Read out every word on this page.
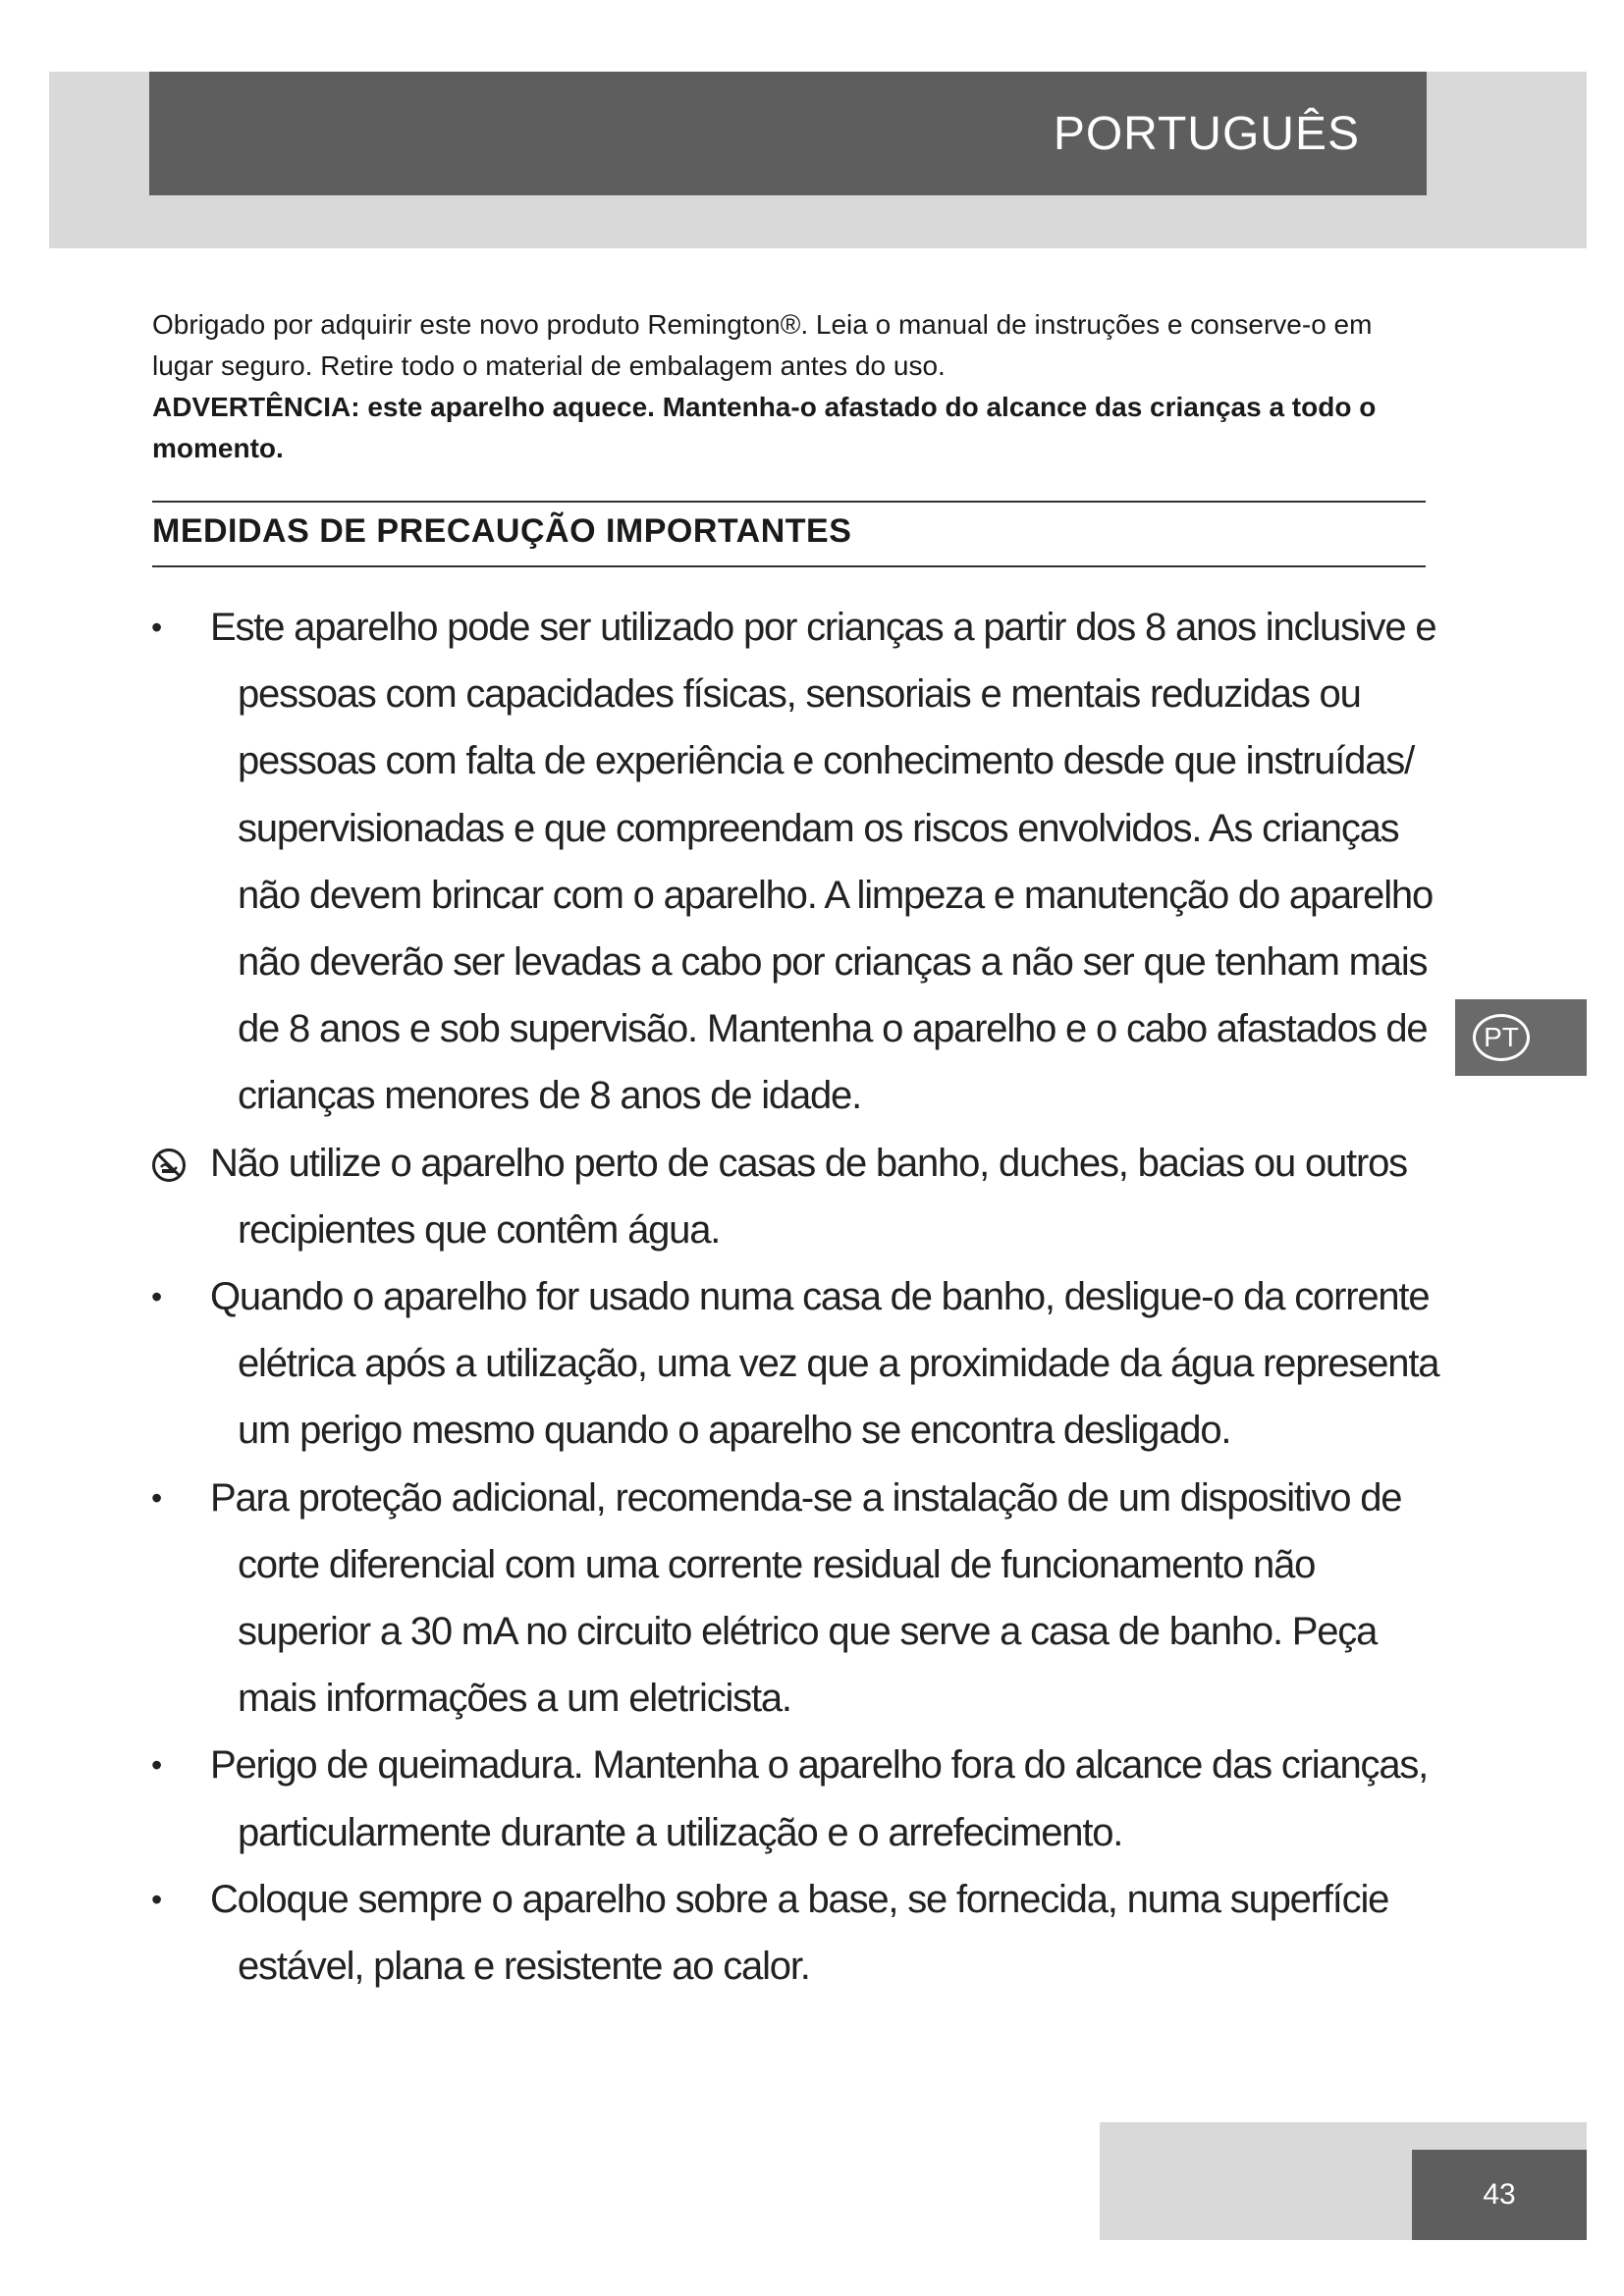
PORTUGUÊS

Obrigado por adquirir este novo produto Remington®. Leia o manual de instruções e conserve-o em lugar seguro. Retire todo o material de embalagem antes do uso.

ADVERTÊNCIA: este aparelho aquece. Mantenha-o afastado do alcance das crianças a todo o momento.

MEDIDAS DE PRECAUÇÃO IMPORTANTES
• Este aparelho pode ser utilizado por crianças a partir dos 8 anos inclusive e pessoas com capacidades físicas, sensoriais e mentais reduzidas ou pessoas com falta de experiência e conhecimento desde que instruídas/ supervisionadas e que compreendam os riscos envolvidos. As crianças não devem brincar com o aparelho. A limpeza e manutenção do aparelho não deverão ser levadas a cabo por crianças a não ser que tenham mais de 8 anos e sob supervisão. Mantenha o aparelho e o cabo afastados de crianças menores de 8 anos de idade.
Não utilize o aparelho perto de casas de banho, duches, bacias ou outros recipientes que contêm água.
• Quando o aparelho for usado numa casa de banho, desligue-o da corrente elétrica após a utilização, uma vez que a proximidade da água representa um perigo mesmo quando o aparelho se encontra desligado.
• Para proteção adicional, recomenda-se a instalação de um dispositivo de corte diferencial com uma corrente residual de funcionamento não superior a 30 mA no circuito elétrico que serve a casa de banho. Peça mais informações a um eletricista.
• Perigo de queimadura. Mantenha o aparelho fora do alcance das crianças, particularmente durante a utilização e o arrefecimento.
• Coloque sempre o aparelho sobre a base, se fornecida, numa superfície estável, plana e resistente ao calor.
PT
43
